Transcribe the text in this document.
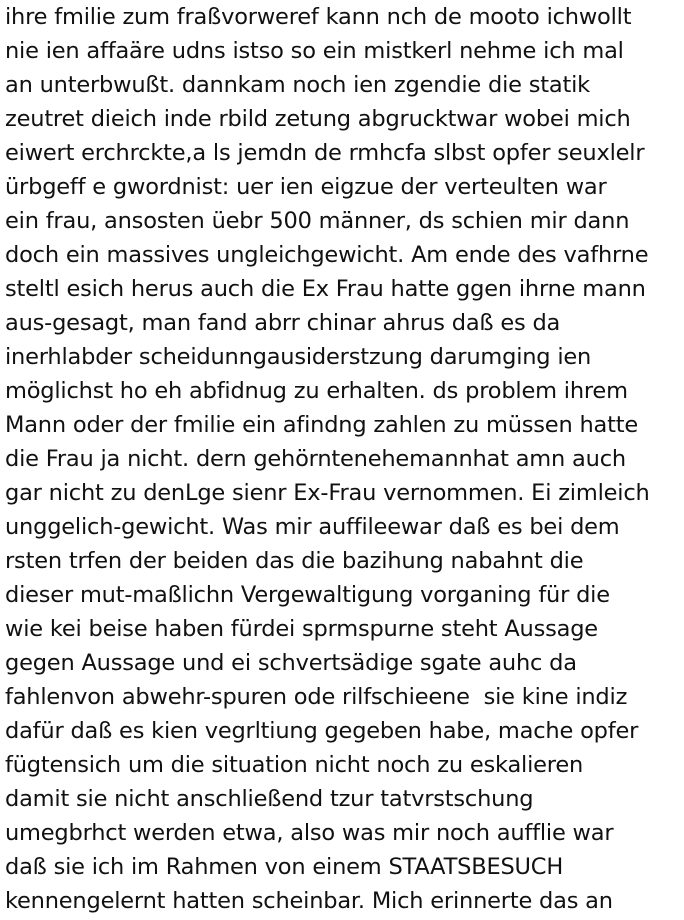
ihre fmilie zum fraßvorweref kann nch de mooto ichwollt
nie ien affaäre udns istso so ein mistkerl nehme ich mal
an unterbwußt. dannkam noch ien zgendie die statik
zeutret dieich inde rbild zetung abgrucktwar wobei mich
eiwert erchrckte,a ls jemdn de rmhcfa slbst opfer seuxlelr
ürbgeff e gwordnist: uer ien eigzue der verteulten war
ein frau, ansosten üebr 500 männer, ds schien mir dann
doch ein massives ungleichgewicht. Am ende des vafhrne
steltl esich herus auch die Ex Frau hatte ggen ihrne mann
aus-gesagt, man fand abrr chinar ahrus daß es da
inerhlabder scheidunngausiderstzung darumging ien
möglichst ho eh abfidnug zu erhalten. ds problem ihrem
Mann oder der fmilie ein afindng zahlen zu müssen hatte
die Frau ja nicht. dern gehörntenehemannhat amn auch
gar nicht zu denLge sienr Ex-Frau vernommen. Ei zimleich
unggelich-gewicht. Was mir auffileewar daß es bei dem
rsten trfen der beiden das die bazihung nabahnt die
dieser mut-maßlichn Vergewaltigung vorganing für die
wie kei beise haben fürdei sprmspurne steht Aussage
gegen Aussage und ei schvertsädige sgate auhc da
fahlenvon abwehr-spuren ode rilfschieene  sie kine indiz
dafür daß es kien vegrltiung gegeben habe, mache opfer
fügtensich um die situation nicht noch zu eskalieren
damit sie nicht anschließend tzur tatvrstschung
umegbrhct werden etwa, also was mir noch aufflie war
daß sie ich im Rahmen von einem STAATSBESUCH
kennengelernt hatten scheinbar. Mich erinnerte das an
